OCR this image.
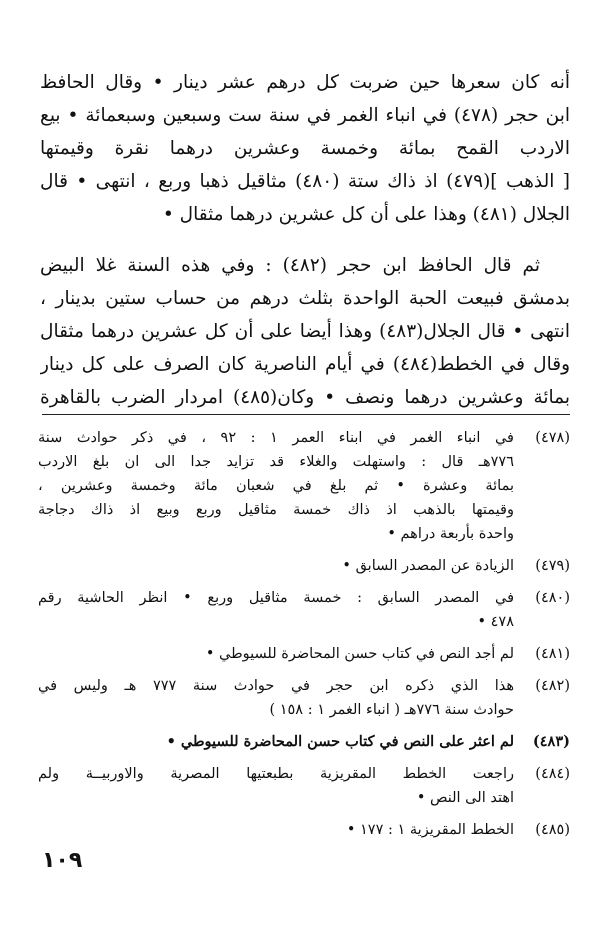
أنه كان سعرها حين ضربت كل درهم عشر دينار • وقال الحافظ
ابن حجر (٤٧٨) في انباء الغمر في سنة ست وسبعين وسبعمائة • بيع
الاردب القمح بمائة وخمسة وعشرين درهما نقرة وقيمتها
[ الذهب ](٤٧٩) اذ ذاك ستة (٤٨٠) مثاقيل ذهبا وربع ، انتهى • قال
الجلال (٤٨١) وهذا على أن كل عشرين درهما مثقال •
ثم قال الحافظ ابن حجر (٤٨٢) : وفي هذه السنة غلا البيض
بدمشق فبيعت الحبة الواحدة بثلث درهم من حساب ستين بدينار ،
انتهى • قال الجلال(٤٨٣) وهذا أيضا على أن كل عشرين درهما مثقال
وقال في الخطط(٤٨٤) في أيام الناصرية كان الصرف على كل دينار
بمائة وعشرين درهما ونصف • وكان(٤٨٥) امردار الضرب بالقاهرة
(٤٧٨)
في انباء الغمر في ابناء العمر ١ : ٩٢ ، في ذكر حوادث سنة
٧٧٦هـ قال : واستهلت والغلاء قد تزايد جدا الى ان بلغ الاردب
بمائة وعشرة • ثم بلغ في شعبان مائة وخمسة وعشرين ،
وقيمتها بالذهب اذ ذاك خمسة مثاقيل وربع وبيع اذ ذاك دجاجة
واحدة بأربعة دراهم •
(٤٧٩)
الزيادة عن المصدر السابق •
(٤٨٠)
في المصدر السابق : خمسة مثاقيل وربع • انظر الحاشية رقم
٤٧٨ •
(٤٨١)
لم أجد النص في كتاب حسن المحاضرة للسيوطي •
(٤٨٢)
هذا الذي ذكره ابن حجر في حوادث سنة ٧٧٧ هـ وليس في
حوادث سنة ٧٧٦هـ ( انباء الغمر ١ : ١٥٨ )
(٤٨٣)
لم اعثر على النص في كتاب حسن المحاضرة للسيوطي •
(٤٨٤)
راجعت الخطط المقريزية بطبعتيها المصرية والاوربيــة ولم
اهتد الى النص •
(٤٨٥)
الخطط المقريزية ١ : ١٧٧ •
١٠٩
